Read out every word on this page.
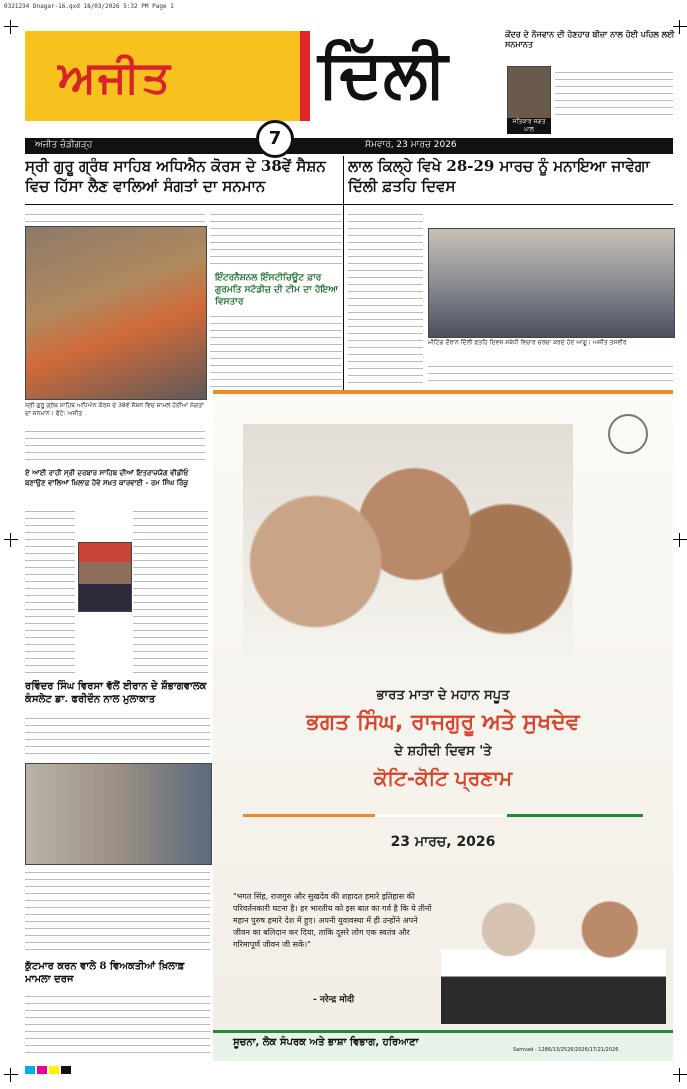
0321234 Dnagar-16.qxd 18/03/2026 5:32 PM Page 1
ਅਜੀਤ ਦਿੱਲੀ	ਕੇਂਦਰ ਦੇ ਨੌਜਵਾਨ ਦੀ ਹੋਣਹਾਰ ਬੀਜ਼ਾ ਨਾਲ ਹੋਈ ਪਹਿਲ ਲਈ ਸਨਮਾਨਤ
ਸਤਿਕਾਰ ਜਗਤ ਪਾਲ
ਅਜੀਤ ਚੰਡੀਗੜ੍ਹ	ਸੋਮਵਾਰ, 23 ਮਾਰਚ 2026
7
ਸ੍ਰੀ ਗੁਰੂ ਗ੍ਰੰਥ ਸਾਹਿਬ ਅਧਿਐਨ ਕੋਰਸ ਦੇ 38ਵੇਂ ਸੈਸ਼ਨ ਵਿਚ ਹਿੱਸਾ ਲੈਣ ਵਾਲਿਆਂ ਸੰਗਤਾਂ ਦਾ ਸਨਮਾਨ
ਲਾਲ ਕਿਲ੍ਹੇ ਵਿਖੇ 28-29 ਮਾਰਚ ਨੂੰ ਮਨਾਇਆ ਜਾਵੇਗਾ ਦਿੱਲੀ ਫ਼ਤਹਿ ਦਿਵਸ
ਸ੍ਰੀ ਗੁਰੂ ਗ੍ਰੰਥ ਸਾਹਿਬ ਅਧਿਐਨ ਕੋਰਸ ਦੇ 38ਵੇਂ ਸੈਸ਼ਨ ਵਿਚ ਸ਼ਾਮਲ ਹੋਈਆਂ ਸੰਗਤਾਂ ਦਾ ਸਨਮਾਨ। ਫੋਟੋ: ਅਜੀਤ
ਇੰਟਰਨੈਸ਼ਨਲ ਇੰਸਟੀਚਿਊਟ ਫ਼ਾਰ ਗੁਰਮਤਿ ਸਟੱਡੀਜ਼ ਦੀ ਟੀਮ ਦਾ ਹੋਇਆ ਵਿਸਤਾਰ
ਮੀਟਿੰਗ ਦੌਰਾਨ ਦਿੱਲੀ ਫ਼ਤਹਿ ਦਿਵਸ ਸਬੰਧੀ ਵਿਚਾਰ ਚਰਚਾ ਕਰਦੇ ਹੋਏ ਆਗੂ। ਅਜੀਤ ਤਸਵੀਰ
ਏ ਆਈ ਰਾਹੀਂ ਸ੍ਰੀ ਦਰਬਾਰ ਸਾਹਿਬ ਦੀਆਂ ਇਤਰਾਜ਼ਯੋਗ ਵੀਡੀਓ ਬਣਾਉਣ ਵਾਲਿਆਂ ਖ਼ਿਲਾਫ਼ ਹੋਵੇ ਸਖ਼ਤ ਕਾਰਵਾਈ - ਰਮ ਸਿੰਘ ਰਿੰਕੂ
ਰਵਿੰਦਰ ਸਿੰਘ ਵਿਰਸਾ ਵੱਲੋਂ ਈਰਾਨ ਦੇ ਸ਼ੌਭਾਗਵਾਲਕ ਕੰਸਲੇਟ ਡਾ. ਫਰੀਦੌਨ ਨਾਲ ਮੁਲਾਕਾਤ
ਕੁੱਟਮਾਰ ਕਰਨ ਵਾਲੇ 8 ਵਿਅਕਤੀਆਂ ਖ਼ਿਲਾਫ਼ ਮਾਮਲਾ ਦਰਜ
ਭਾਰਤ ਮਾਤਾ ਦੇ ਮਹਾਨ ਸਪੂਤ
ਭਗਤ ਸਿੰਘ, ਰਾਜਗੁਰੂ ਅਤੇ ਸੁਖਦੇਵ
ਦੇ ਸ਼ਹੀਦੀ ਦਿਵਸ 'ਤੇ
ਕੋਟਿ-ਕੋਟਿ ਪ੍ਰਣਾਮ
23 ਮਾਰਚ, 2026
"भगत सिंह, राजगुरु और सुखदेव की शहादत हमारे इतिहास की परिवर्तनकारी घटना है। हर भारतीय को इस बात का गर्व है कि ये तीनों महान पुरुष हमारे देश में हुए। अपनी युवावस्था में ही उन्होंने अपने जीवन का बलिदान कर दिया, ताकि दूसरे लोग एक स्वतंत्र और गरिमापूर्ण जीवन जी सकें।"
- नरेन्द्र मोदी
ਸੂਚਨਾ, ਲੋਕ ਸੰਪਰਕ ਅਤੇ ਭਾਸ਼ਾ ਵਿਭਾਗ, ਹਰਿਆਣਾ
Samvad - 1286/13/2526/2026/17/21/2026
